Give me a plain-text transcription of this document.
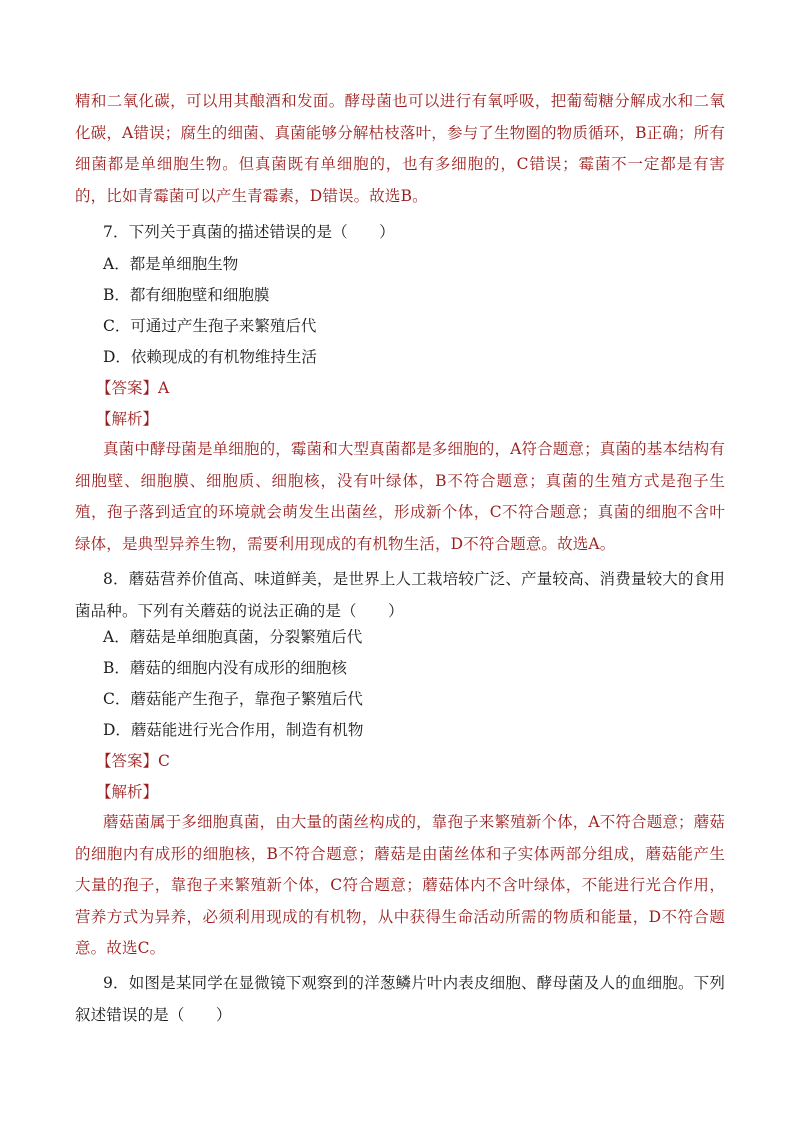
精和二氧化碳，可以用其酿酒和发面。酵母菌也可以进行有氧呼吸，把葡萄糖分解成水和二氧化碳，A错误；腐生的细菌、真菌能够分解枯枝落叶，参与了生物圈的物质循环，B正确；所有细菌都是单细胞生物。但真菌既有单细胞的，也有多细胞的，C错误；霉菌不一定都是有害的，比如青霉菌可以产生青霉素，D错误。故选B。

7．下列关于真菌的描述错误的是（　　）

A．都是单细胞生物
B．都有细胞壁和细胞膜
C．可通过产生孢子来繁殖后代
D．依赖现成的有机物维持生活
【答案】A
【解析】

真菌中酵母菌是单细胞的，霉菌和大型真菌都是多细胞的，A符合题意；真菌的基本结构有细胞壁、细胞膜、细胞质、细胞核，没有叶绿体，B不符合题意；真菌的生殖方式是孢子生殖，孢子落到适宜的环境就会萌发生出菌丝，形成新个体，C不符合题意；真菌的细胞不含叶绿体，是典型异养生物，需要利用现成的有机物生活，D不符合题意。故选A。

8．蘑菇营养价值高、味道鲜美，是世界上人工栽培较广泛、产量较高、消费量较大的食用菌品种。下列有关蘑菇的说法正确的是（　　）

A．蘑菇是单细胞真菌，分裂繁殖后代
B．蘑菇的细胞内没有成形的细胞核
C．蘑菇能产生孢子，靠孢子繁殖后代
D．蘑菇能进行光合作用，制造有机物
【答案】C
【解析】

蘑菇菌属于多细胞真菌，由大量的菌丝构成的，靠孢子来繁殖新个体，A不符合题意；蘑菇的细胞内有成形的细胞核，B不符合题意；蘑菇是由菌丝体和子实体两部分组成，蘑菇能产生大量的孢子，靠孢子来繁殖新个体，C符合题意；蘑菇体内不含叶绿体，不能进行光合作用，营养方式为异养，必须利用现成的有机物，从中获得生命活动所需的物质和能量，D不符合题意。故选C。

9．如图是某同学在显微镜下观察到的洋葱鳞片叶内表皮细胞、酵母菌及人的血细胞。下列叙述错误的是（　　）
